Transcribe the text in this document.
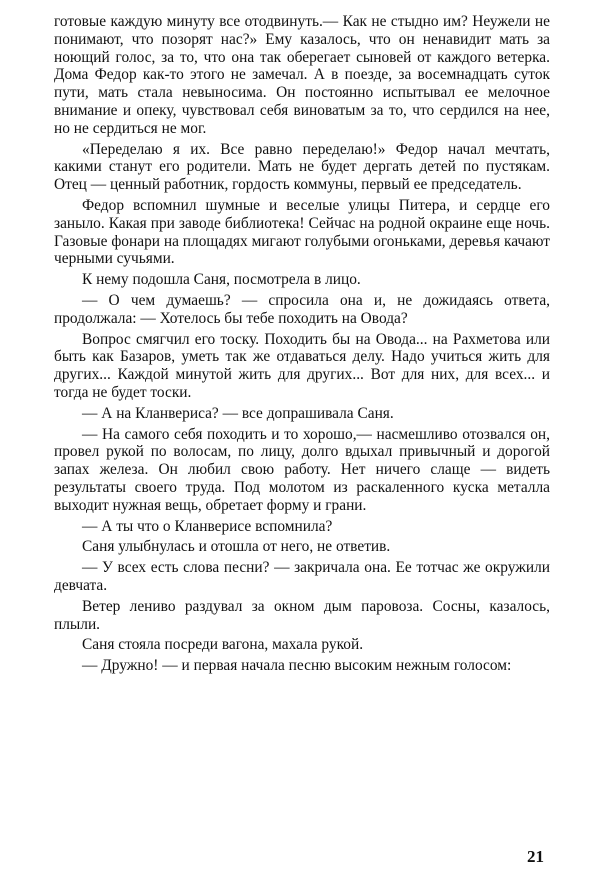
готовые каждую минуту все отодвинуть.— Как не стыдно им? Неужели не понимают, что позорят нас?» Ему казалось, что он ненавидит мать за ноющий голос, за то, что она так оберегает сыновей от каждого ветерка. Дома Федор как-то этого не замечал. А в поезде, за восемнадцать суток пути, мать стала невыносима. Он постоянно испытывал ее мелочное внимание и опеку, чувствовал себя виноватым за то, что сердился на нее, но не сердиться не мог.

«Переделаю я их. Все равно переделаю!» Федор начал мечтать, какими станут его родители. Мать не будет дергать детей по пустякам. Отец — ценный работник, гордость коммуны, первый ее председатель.

Федор вспомнил шумные и веселые улицы Питера, и сердце его заныло. Какая при заводе библиотека! Сейчас на родной окраине еще ночь. Газовые фонари на площадях мигают голубыми огоньками, деревья качают черными сучьями.

К нему подошла Саня, посмотрела в лицо.

— О чем думаешь? — спросила она и, не дожидаясь ответа, продолжала: — Хотелось бы тебе походить на Овода?

Вопрос смягчил его тоску. Походить бы на Овода... на Рахметова или быть как Базаров, уметь так же отдаваться делу. Надо учиться жить для других... Каждой минутой жить для других... Вот для них, для всех... и тогда не будет тоски.

— А на Кланвериса? — все допрашивала Саня.

— На самого себя походить и то хорошо,— насмешливо отозвался он, провел рукой по волосам, по лицу, долго вдыхал привычный и дорогой запах железа. Он любил свою работу. Нет ничего слаще — видеть результаты своего труда. Под молотом из раскаленного куска металла выходит нужная вещь, обретает форму и грани.

— А ты что о Кланверисе вспомнила?

Саня улыбнулась и отошла от него, не ответив.

— У всех есть слова песни? — закричала она. Ее тотчас же окружили девчата.

Ветер лениво раздувал за окном дым паровоза. Сосны, казалось, плыли.

Саня стояла посреди вагона, махала рукой.

— Дружно! — и первая начала песню высоким нежным голосом:

21
